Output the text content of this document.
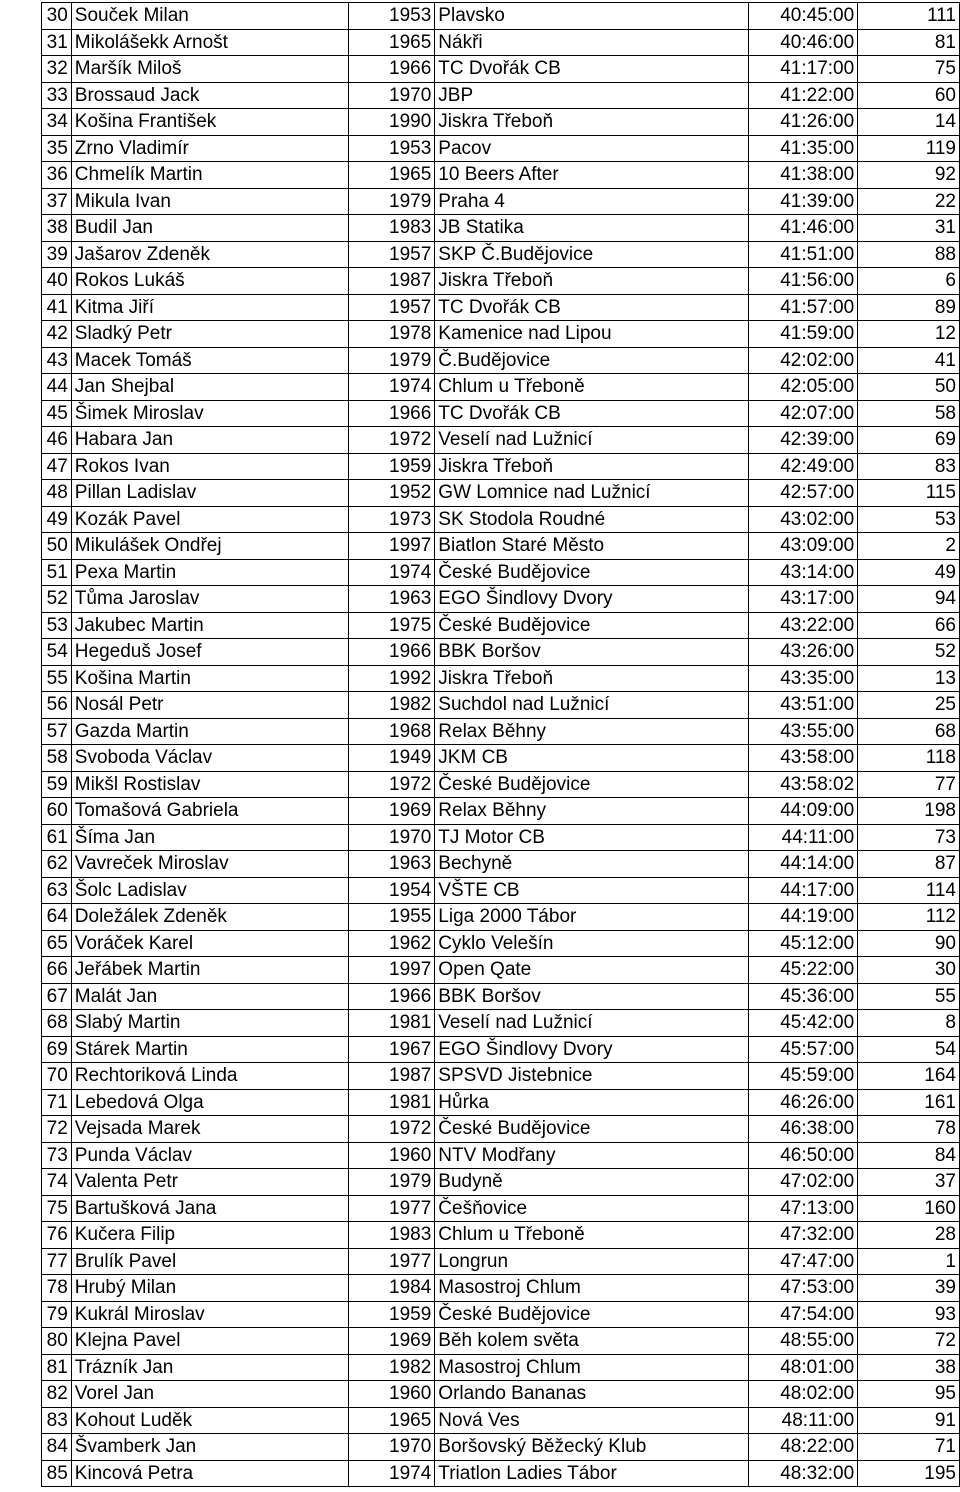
30	Souček Milan	1953	Plavsko	40:45:00	111
31	Mikolášekk Arnošt	1965	Nákři	40:46:00	81
32	Maršík Miloš	1966	TC Dvořák CB	41:17:00	75
33	Brossaud Jack	1970	JBP	41:22:00	60
34	Košina František	1990	Jiskra Třeboň	41:26:00	14
35	Zrno Vladimír	1953	Pacov	41:35:00	119
36	Chmelík Martin	1965	10 Beers After	41:38:00	92
37	Mikula Ivan	1979	Praha 4	41:39:00	22
38	Budil Jan	1983	JB Statika	41:46:00	31
39	Jašarov Zdeněk	1957	SKP Č.Budějovice	41:51:00	88
40	Rokos Lukáš	1987	Jiskra Třeboň	41:56:00	6
41	Kitma Jiří	1957	TC Dvořák CB	41:57:00	89
42	Sladký Petr	1978	Kamenice nad Lipou	41:59:00	12
43	Macek Tomáš	1979	Č.Budějovice	42:02:00	41
44	Jan Shejbal	1974	Chlum u Třeboně	42:05:00	50
45	Šimek Miroslav	1966	TC Dvořák CB	42:07:00	58
46	Habara Jan	1972	Veselí nad Lužnicí	42:39:00	69
47	Rokos Ivan	1959	Jiskra Třeboň	42:49:00	83
48	Pillan Ladislav	1952	GW Lomnice nad Lužnicí	42:57:00	115
49	Kozák Pavel	1973	SK Stodola Roudné	43:02:00	53
50	Mikulášek Ondřej	1997	Biatlon Staré Město	43:09:00	2
51	Pexa Martin	1974	České Budějovice	43:14:00	49
52	Tůma Jaroslav	1963	EGO Šindlovy Dvory	43:17:00	94
53	Jakubec Martin	1975	České Budějovice	43:22:00	66
54	Hegeduš Josef	1966	BBK Boršov	43:26:00	52
55	Košina Martin	1992	Jiskra Třeboň	43:35:00	13
56	Nosál Petr	1982	Suchdol nad Lužnicí	43:51:00	25
57	Gazda Martin	1968	Relax Běhny	43:55:00	68
58	Svoboda Václav	1949	JKM CB	43:58:00	118
59	Mikšl Rostislav	1972	České Budějovice	43:58:02	77
60	Tomašová Gabriela	1969	Relax Běhny	44:09:00	198
61	Šíma Jan	1970	TJ Motor CB	44:11:00	73
62	Vavreček Miroslav	1963	Bechyně	44:14:00	87
63	Šolc Ladislav	1954	VŠTE CB	44:17:00	114
64	Doležálek Zdeněk	1955	Liga 2000 Tábor	44:19:00	112
65	Voráček Karel	1962	Cyklo Velešín	45:12:00	90
66	Jeřábek Martin	1997	Open Qate	45:22:00	30
67	Malát Jan	1966	BBK Boršov	45:36:00	55
68	Slabý Martin	1981	Veselí nad Lužnicí	45:42:00	8
69	Stárek Martin	1967	EGO Šindlovy Dvory	45:57:00	54
70	Rechtoriková Linda	1987	SPSVD Jistebnice	45:59:00	164
71	Lebedová Olga	1981	Hůrka	46:26:00	161
72	Vejsada Marek	1972	České Budějovice	46:38:00	78
73	Punda Václav	1960	NTV Modřany	46:50:00	84
74	Valenta Petr	1979	Budyně	47:02:00	37
75	Bartušková Jana	1977	Češňovice	47:13:00	160
76	Kučera Filip	1983	Chlum u Třeboně	47:32:00	28
77	Brulík Pavel	1977	Longrun	47:47:00	1
78	Hrubý Milan	1984	Masostroj Chlum	47:53:00	39
79	Kukrál Miroslav	1959	České Budějovice	47:54:00	93
80	Klejna Pavel	1969	Běh kolem světa	48:55:00	72
81	Trázník Jan	1982	Masostroj Chlum	48:01:00	38
82	Vorel Jan	1960	Orlando Bananas	48:02:00	95
83	Kohout Luděk	1965	Nová Ves	48:11:00	91
84	Švamberk Jan	1970	Boršovský Běžecký Klub	48:22:00	71
85	Kincová Petra	1974	Triatlon Ladies Tábor	48:32:00	195
